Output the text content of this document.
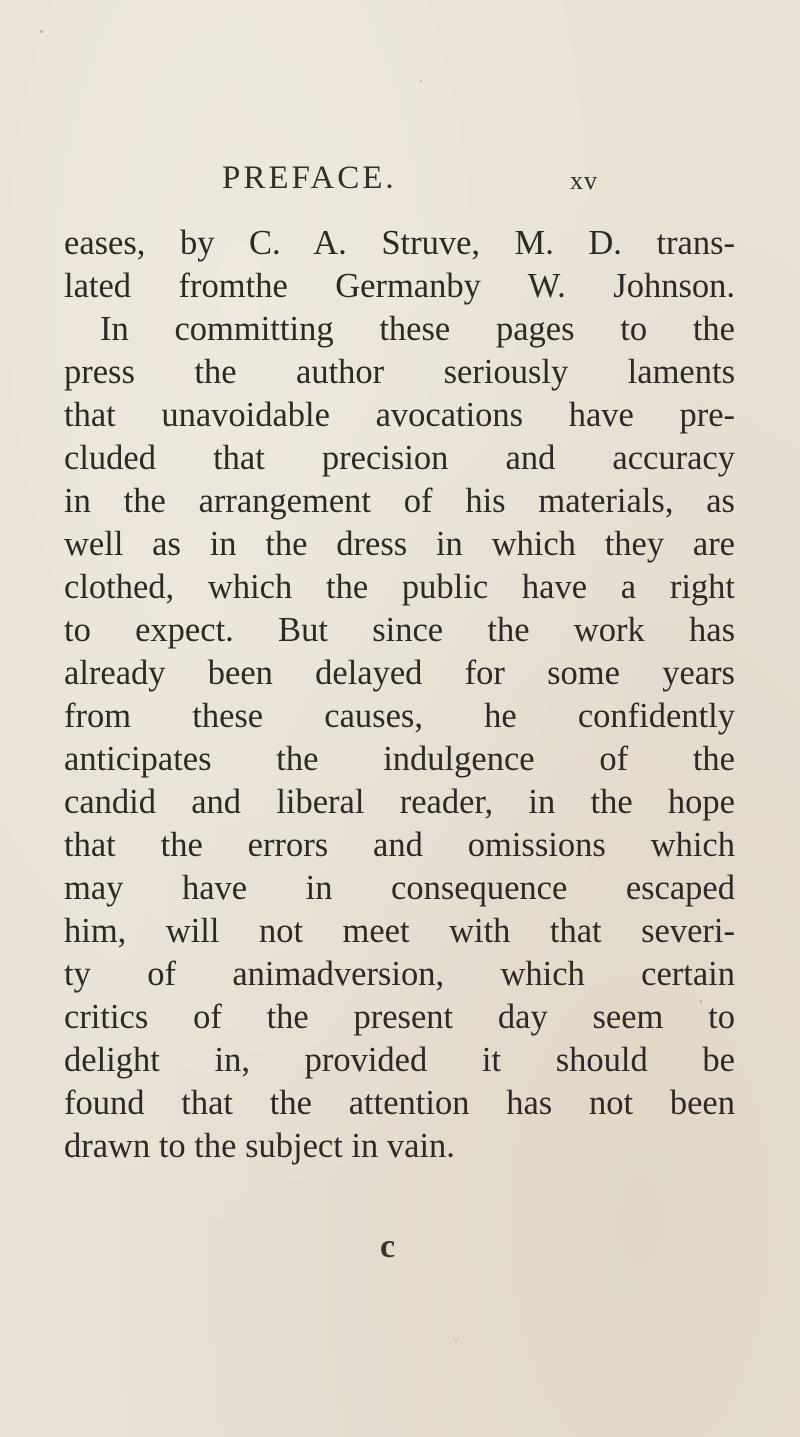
PREFACE.	xv
eases, by C. A. Struve, M. D. trans-
lated fromthe Germanby W. Johnson.
In committing these pages to the
press the author seriously laments
that unavoidable avocations have pre-
cluded that precision and accuracy
in the arrangement of his materials, as
well as in the dress in which they are
clothed, which the public have a right
to expect. But since the work has
already been delayed for some years
from these causes, he confidently
anticipates the indulgence of the
candid and liberal reader, in the hope
that the errors and omissions which
may have in consequence escaped
him, will not meet with that severi-
ty of animadversion, which certain
critics of the present day seem to
delight in, provided it should be
found that the attention has not been
drawn to the subject in vain.
c
